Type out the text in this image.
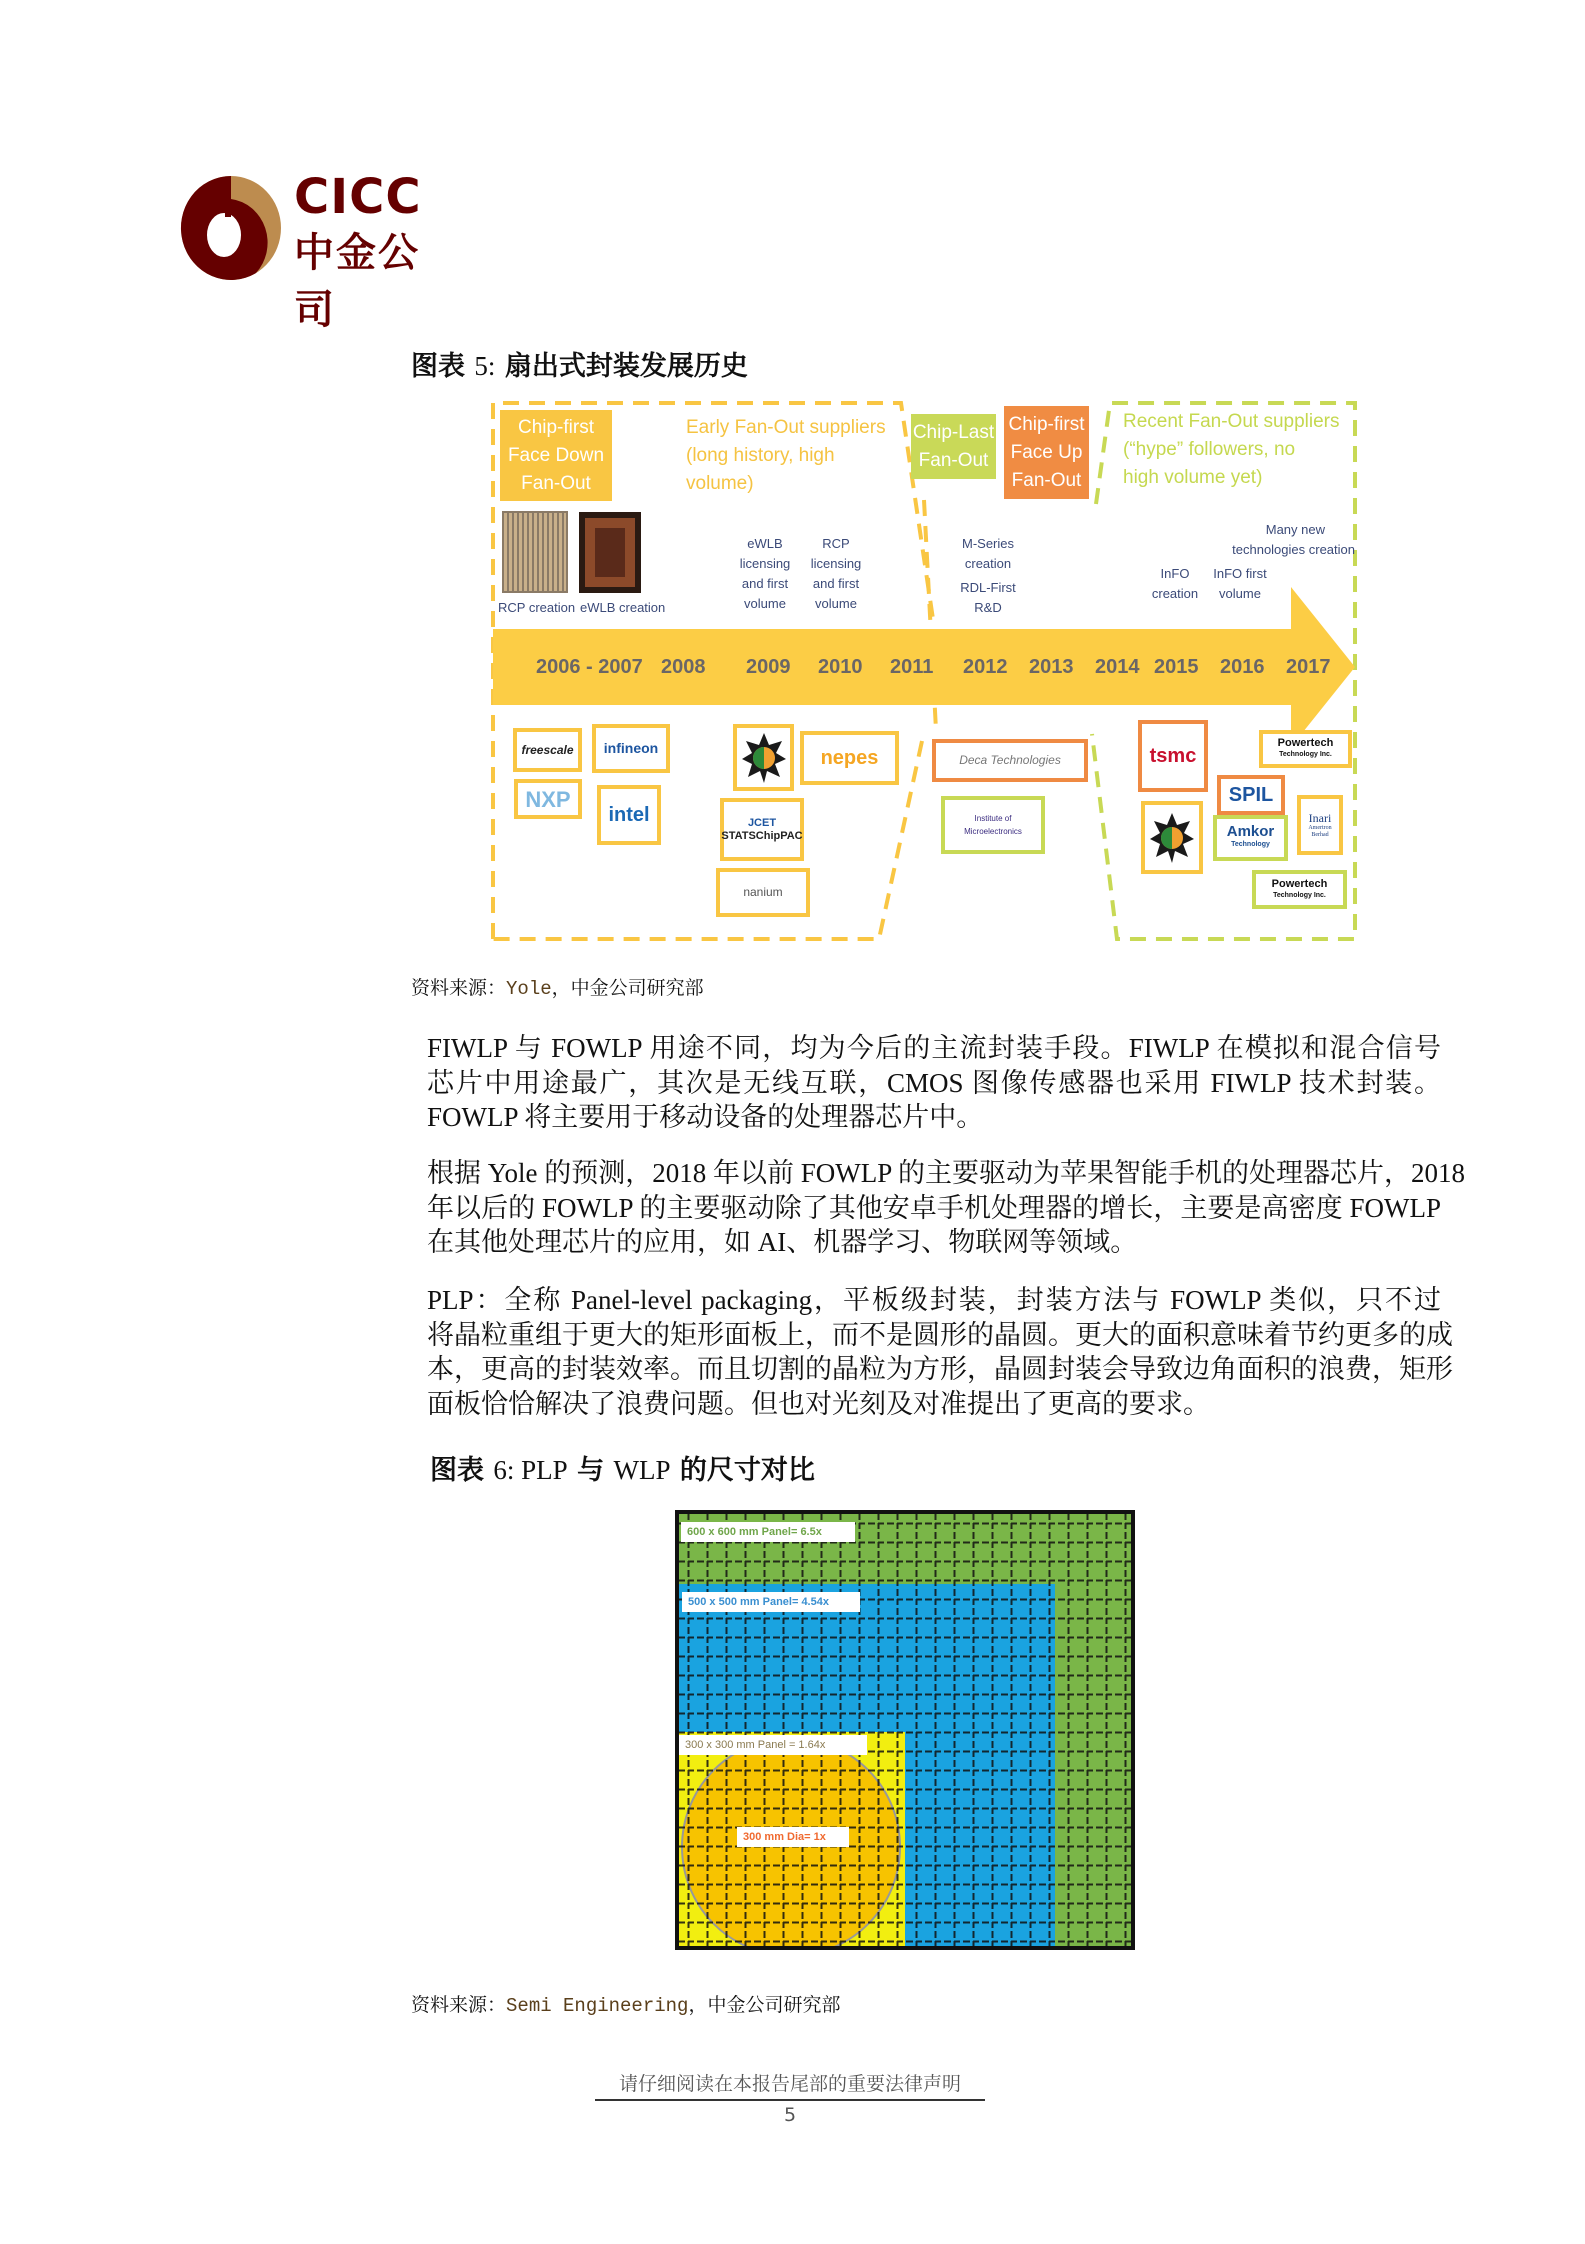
CICC
中金公司
图表 5: 扇出式封装发展历史
Chip-first
Face Down
Fan-Out
Early Fan-Out suppliers
(long history, high
volume)
Chip-Last
Fan-Out
Chip-first
Face Up
Fan-Out
Recent Fan-Out suppliers
(“hype” followers, no
high volume yet)
RCP creation eWLB creation
eWLB
licensing
and first
volume
RCP
licensing
and first
volume
M-Series
creation
RDL-First
R&D
Many new
technologies creation
InFO
creation
InFO first
volume
2006 - 2007 2008 2009 2010 2011 2012 2013 2014 2015 2016 2017
freescale	infineon
NXP
intel
nepes
JCET
STATSChipPAC
nanium
Deca Technologies
Institute of Microelectronics
tsmc
Powertech
Technology Inc.
SPIL
Amkor
Technology
Inari
Amertron Berhad
Powertech
Technology Inc.
资料来源：Yole，中金公司研究部
FIWLP 与 FOWLP 用途不同，均为今后的主流封装手段。FIWLP 在模拟和混合信号
芯片中用途最广，其次是无线互联，CMOS 图像传感器也采用 FIWLP 技术封装。
FOWLP 将主要用于移动设备的处理器芯片中。
根据 Yole 的预测，2018 年以前 FOWLP 的主要驱动为苹果智能手机的处理器芯片，2018
年以后的 FOWLP 的主要驱动除了其他安卓手机处理器的增长，主要是高密度 FOWLP
在其他处理芯片的应用，如 AI、机器学习、物联网等领域。
PLP：全称 Panel-level packaging，平板级封装，封装方法与 FOWLP 类似，只不过
将晶粒重组于更大的矩形面板上，而不是圆形的晶圆。更大的面积意味着节约更多的成
本，更高的封装效率。而且切割的晶粒为方形，晶圆封装会导致边角面积的浪费，矩形
面板恰恰解决了浪费问题。但也对光刻及对准提出了更高的要求。
图表 6: PLP 与 WLP 的尺寸对比
600 x 600 mm Panel= 6.5x
500 x 500 mm Panel= 4.54x
300 x 300 mm Panel = 1.64x
300 mm Dia= 1x
资料来源：Semi Engineering，中金公司研究部
请仔细阅读在本报告尾部的重要法律声明
5
